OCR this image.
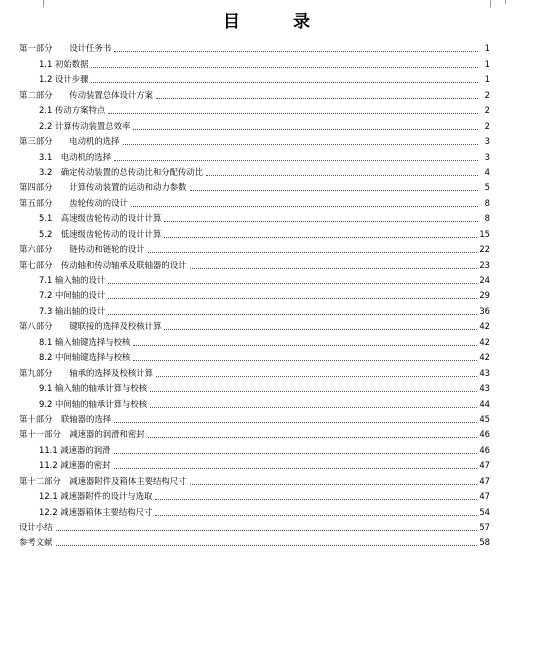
目　录
第一部分　　设计任务书	1
1.1 初始数据	1
1.2 设计步骤	1
第二部分　　传动装置总体设计方案	2
2.1 传动方案特点	2
2.2 计算传动装置总效率	2
第三部分　　电动机的选择	3
3.1　电动机的选择	3
3.2　确定传动装置的总传动比和分配传动比	4
第四部分　　计算传动装置的运动和动力参数	5
第五部分　　齿轮传动的设计	8
5.1　高速级齿轮传动的设计计算	8
5.2　低速级齿轮传动的设计计算	15
第六部分　　链传动和链轮的设计	22
第七部分　传动轴和传动轴承及联轴器的设计	23
7.1 输入轴的设计	24
7.2 中间轴的设计	29
7.3 输出轴的设计	36
第八部分　　键联接的选择及校核计算	42
8.1 输入轴键选择与校核	42
8.2 中间轴键选择与校核	42
第九部分　　轴承的选择及校核计算	43
9.1 输入轴的轴承计算与校核	43
9.2 中间轴的轴承计算与校核	44
第十部分　联轴器的选择	45
第十一部分　减速器的润滑和密封	46
11.1 减速器的润滑	46
11.2 减速器的密封	47
第十二部分　减速器附件及箱体主要结构尺寸	47
12.1 减速器附件的设计与选取	47
12.2 减速器箱体主要结构尺寸	54
设计小结	57
参考文献	58
